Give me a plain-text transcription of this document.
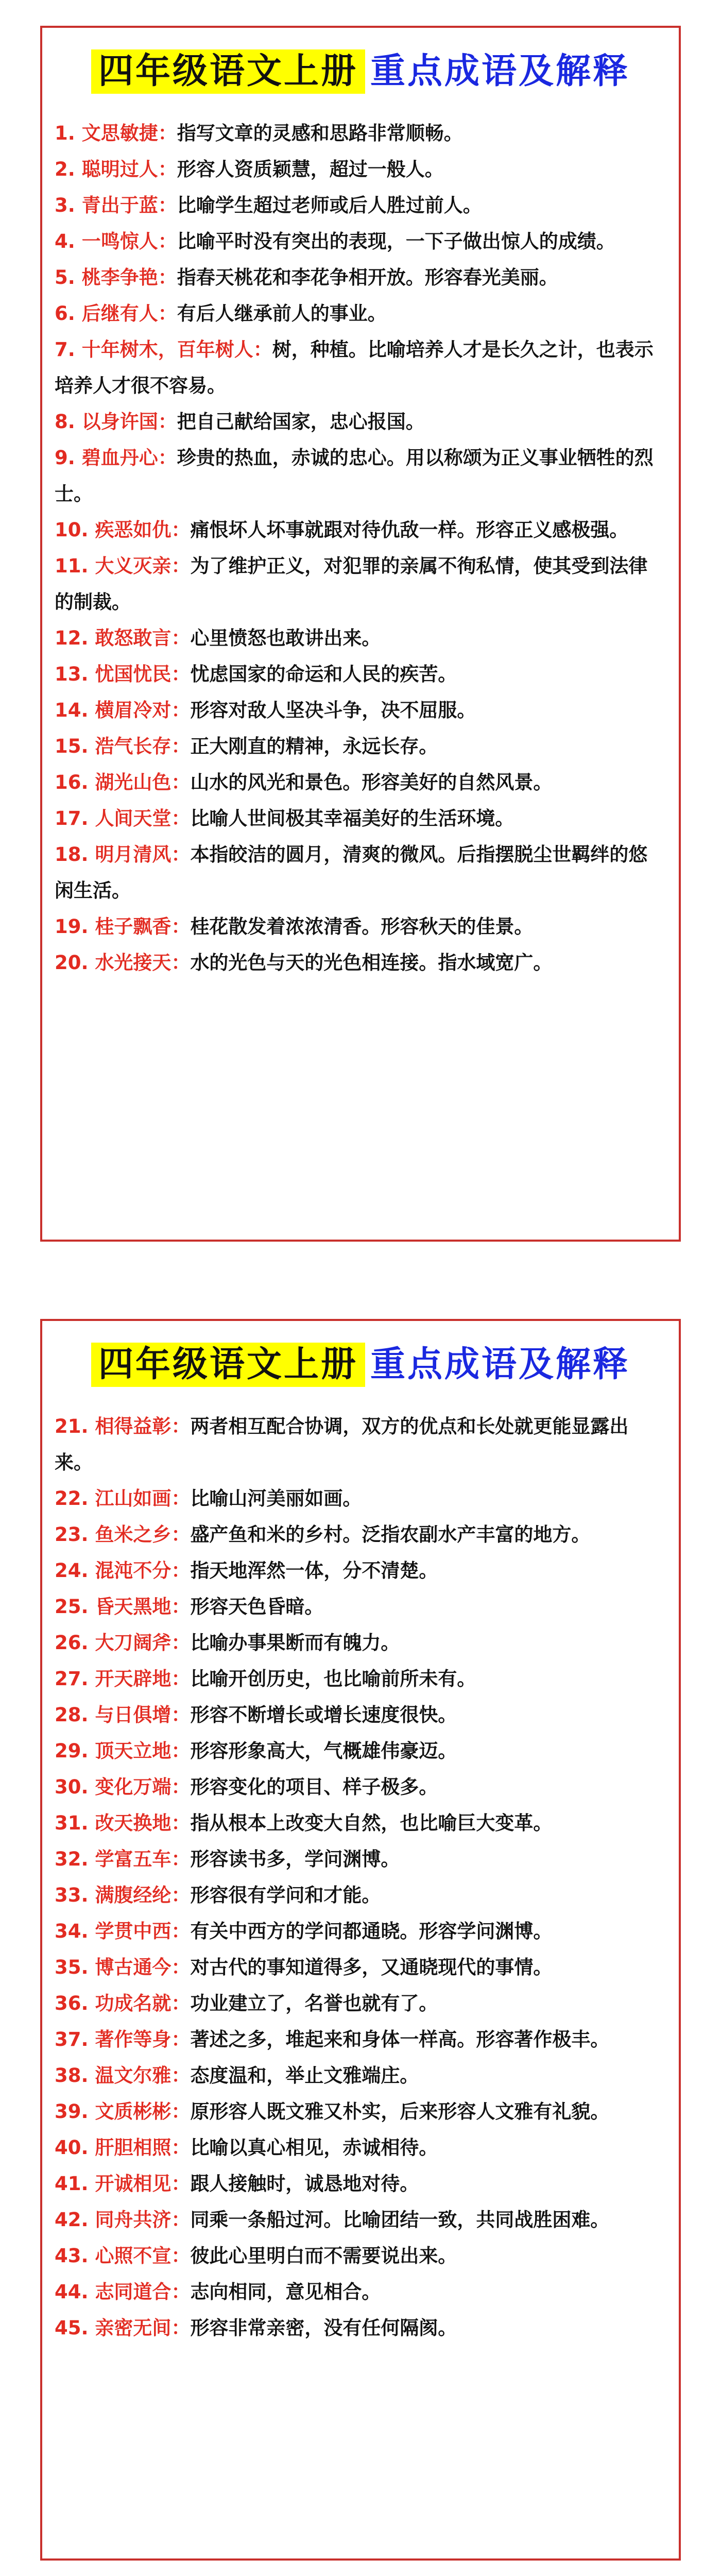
四年级语文上册 重点成语及解释
1. 文思敏捷：指写文章的灵感和思路非常顺畅。
2. 聪明过人：形容人资质颖慧，超过一般人。
3. 青出于蓝：比喻学生超过老师或后人胜过前人。
4. 一鸣惊人：比喻平时没有突出的表现，一下子做出惊人的成绩。
5. 桃李争艳：指春天桃花和李花争相开放。形容春光美丽。
6. 后继有人：有后人继承前人的事业。
7. 十年树木，百年树人：树，种植。比喻培养人才是长久之计，也表示培养人才很不容易。
8. 以身许国：把自己献给国家，忠心报国。
9. 碧血丹心：珍贵的热血，赤诚的忠心。用以称颂为正义事业牺牲的烈士。
10. 疾恶如仇：痛恨坏人坏事就跟对待仇敌一样。形容正义感极强。
11. 大义灭亲：为了维护正义，对犯罪的亲属不徇私情，使其受到法律的制裁。
12. 敢怒敢言：心里愤怒也敢讲出来。
13. 忧国忧民：忧虑国家的命运和人民的疾苦。
14. 横眉冷对：形容对敌人坚决斗争，决不屈服。
15. 浩气长存：正大刚直的精神，永远长存。
16. 湖光山色：山水的风光和景色。形容美好的自然风景。
17. 人间天堂：比喻人世间极其幸福美好的生活环境。
18. 明月清风：本指皎洁的圆月，清爽的微风。后指摆脱尘世羁绊的悠闲生活。
19. 桂子飘香：桂花散发着浓浓清香。形容秋天的佳景。
20. 水光接天：水的光色与天的光色相连接。指水域宽广。
四年级语文上册 重点成语及解释
21. 相得益彰：两者相互配合协调，双方的优点和长处就更能显露出来。
22. 江山如画：比喻山河美丽如画。
23. 鱼米之乡：盛产鱼和米的乡村。泛指农副水产丰富的地方。
24. 混沌不分：指天地浑然一体，分不清楚。
25. 昏天黑地：形容天色昏暗。
26. 大刀阔斧：比喻办事果断而有魄力。
27. 开天辟地：比喻开创历史，也比喻前所未有。
28. 与日俱增：形容不断增长或增长速度很快。
29. 顶天立地：形容形象高大，气概雄伟豪迈。
30. 变化万端：形容变化的项目、样子极多。
31. 改天换地：指从根本上改变大自然，也比喻巨大变革。
32. 学富五车：形容读书多，学问渊博。
33. 满腹经纶：形容很有学问和才能。
34. 学贯中西：有关中西方的学问都通晓。形容学问渊博。
35. 博古通今：对古代的事知道得多，又通晓现代的事情。
36. 功成名就：功业建立了，名誉也就有了。
37. 著作等身：著述之多，堆起来和身体一样高。形容著作极丰。
38. 温文尔雅：态度温和，举止文雅端庄。
39. 文质彬彬：原形容人既文雅又朴实，后来形容人文雅有礼貌。
40. 肝胆相照：比喻以真心相见，赤诚相待。
41. 开诚相见：跟人接触时，诚恳地对待。
42. 同舟共济：同乘一条船过河。比喻团结一致，共同战胜困难。
43. 心照不宣：彼此心里明白而不需要说出来。
44. 志同道合：志向相同，意见相合。
45. 亲密无间：形容非常亲密，没有任何隔阂。
